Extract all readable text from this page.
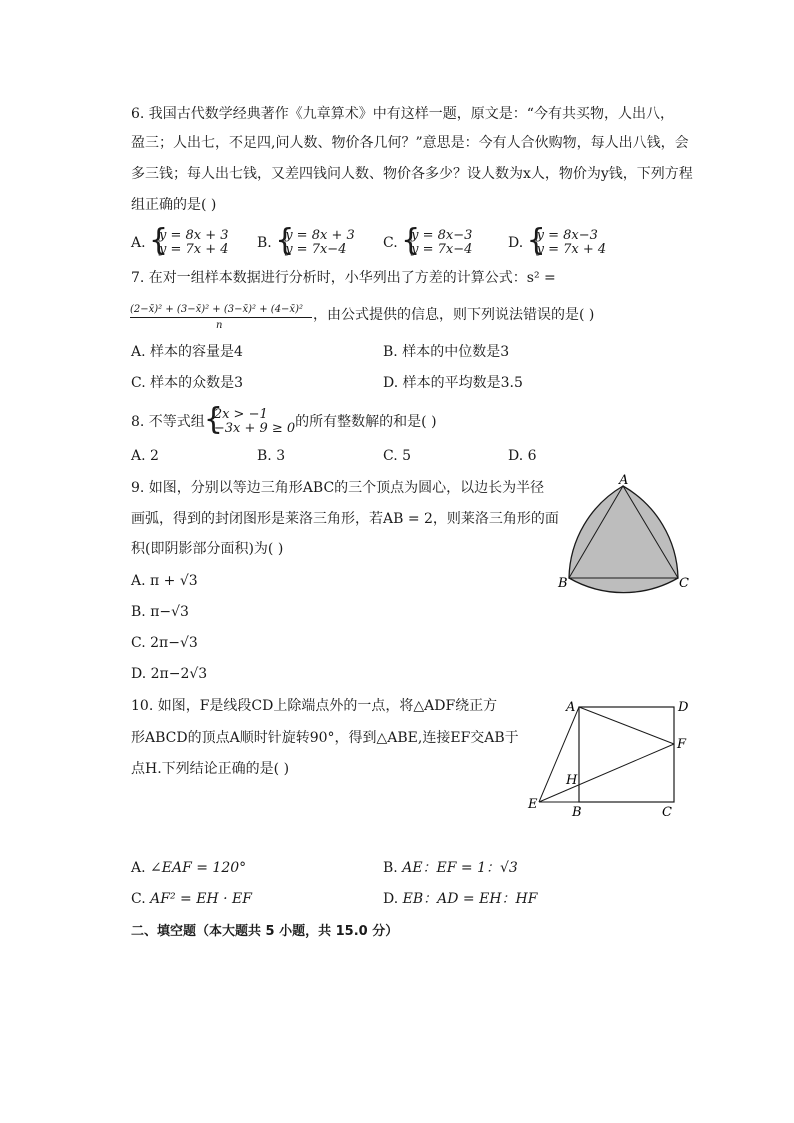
6. 我国古代数学经典著作《九章算术》中有这样一题，原文是：“今有共买物，人出八，
盈三；人出七，不足四,问人数、物价各几何？”意思是：今有人合伙购物，每人出八钱，会
多三钱；每人出七钱，又差四钱问人数、物价各多少？设人数为x人，物价为y钱，下列方程
组正确的是( )
A. { y = 8x + 3
y = 7x + 4 B. { y = 8x + 3
y = 7x−4	C. { y = 8x−3
y = 7x−4	D. { y = 8x−3
y = 7x + 4
7. 在对一组样本数据进行分析时，小华列出了方差的计算公式：s² =
(2−x̄)² + (3−x̄)² + (3−x̄)² + (4−x̄)²
n
，由公式提供的信息，则下列说法错误的是( )
A. 样本的容量是4	B. 样本的中位数是3
C. 样本的众数是3	D. 样本的平均数是3.5
8. 不等式组 { 2x > −1
−3x + 9 ≥ 0 的所有整数解的和是( )
A. 2	B. 3	C. 5	D. 6
9. 如图，分别以等边三角形ABC的三个顶点为圆心，以边长为半径
画弧，得到的封闭图形是莱洛三角形，若AB = 2，则莱洛三角形的面
积(即阴影部分面积)为( )
A. π + √3
B. π−√3
C. 2π−√3
D. 2π−2√3
A
B	C
10. 如图，F是线段CD上除端点外的一点，将△ADF绕正方
形ABCD的顶点A顺时针旋转90°，得到△ABE,连接EF交AB于
点H.下列结论正确的是( )
A	D
F
H
E
B	C
A. ∠EAF = 120°	B. AE：EF = 1：√3
C. AF² = EH · EF	D. EB：AD = EH：HF
二、填空题（本大题共 5 小题，共 15.0 分）
